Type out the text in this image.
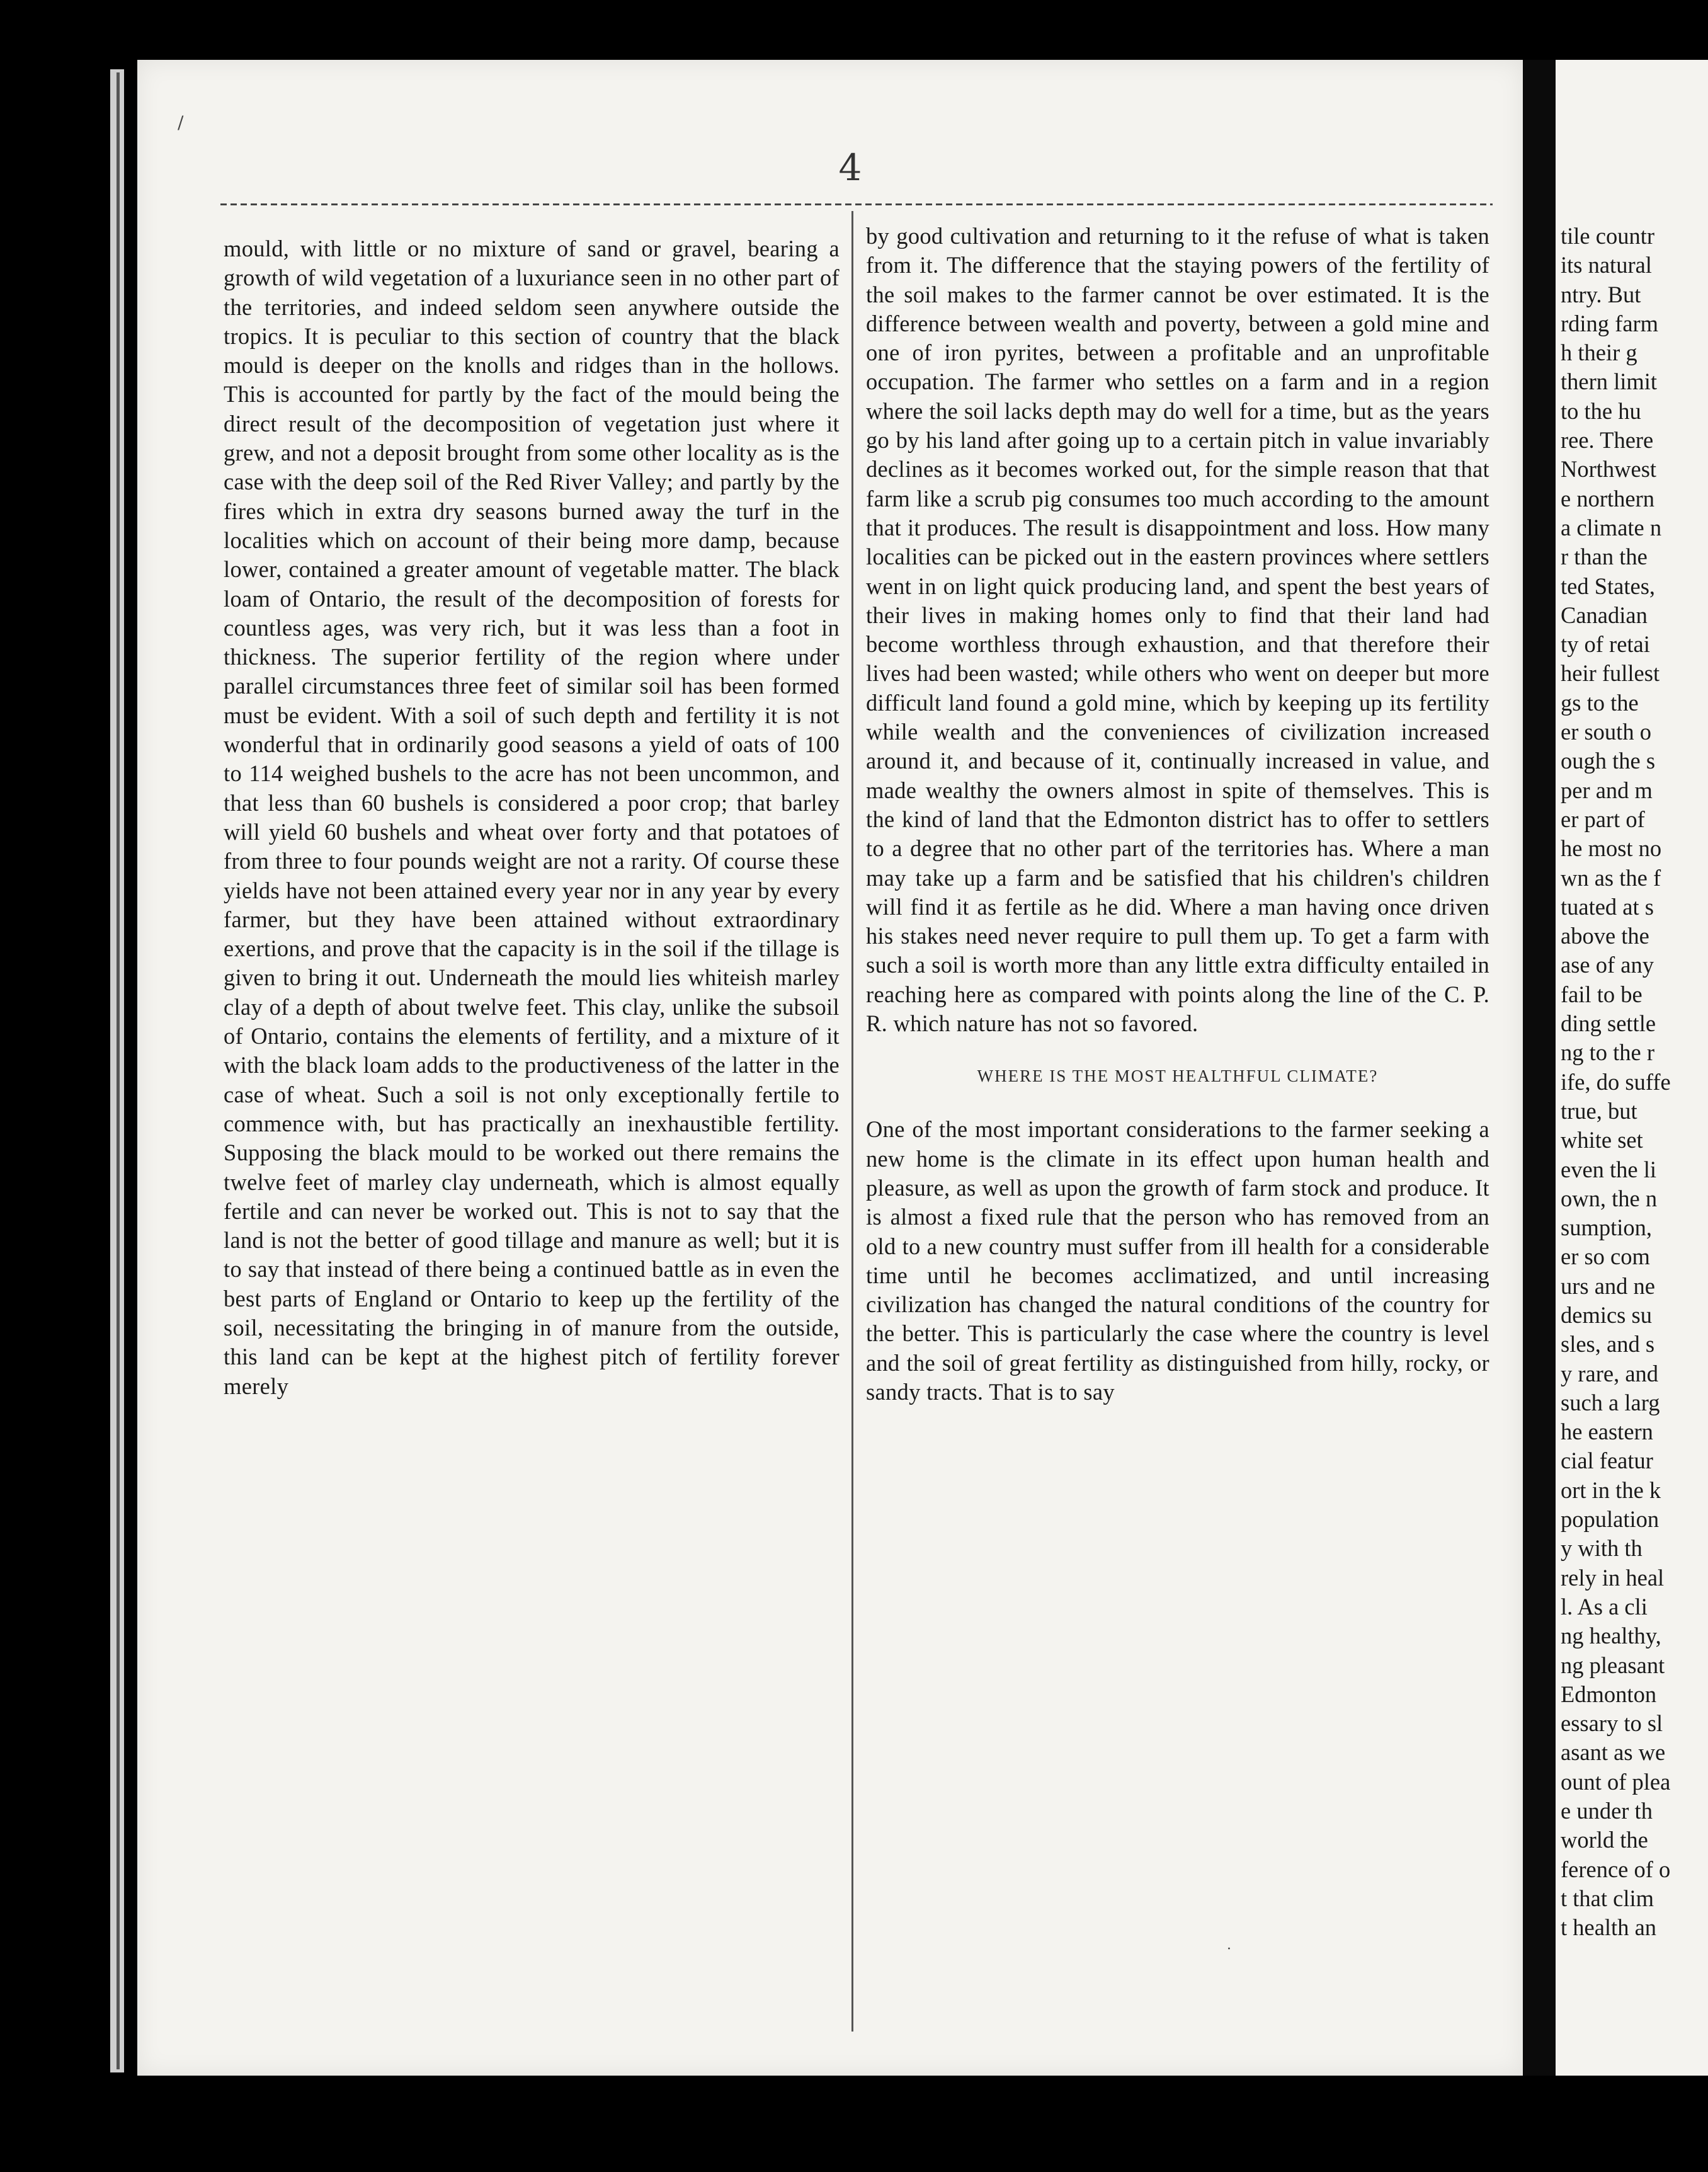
4

mould, with little or no mixture of sand or gravel, bearing a growth of wild vegetation of a luxuriance seen in no other part of the territories, and indeed seldom seen anywhere outside the tropics. It is peculiar to this section of country that the black mould is deeper on the knolls and ridges than in the hollows. This is accounted for partly by the fact of the mould being the direct result of the decomposition of vegetation just where it grew, and not a deposit brought from some other locality as is the case with the deep soil of the Red River Valley; and partly by the fires which in extra dry seasons burned away the turf in the localities which on account of their being more damp, because lower, contained a greater amount of vegetable matter. The black loam of Ontario, the result of the decomposition of forests for countless ages, was very rich, but it was less than a foot in thickness. The superior fertility of the region where under parallel circumstances three feet of similar soil has been formed must be evident. With a soil of such depth and fertility it is not wonderful that in ordinarily good seasons a yield of oats of 100 to 114 weighed bushels to the acre has not been uncommon, and that less than 60 bushels is considered a poor crop; that barley will yield 60 bushels and wheat over forty and that potatoes of from three to four pounds weight are not a rarity. Of course these yields have not been attained every year nor in any year by every farmer, but they have been attained without extraordinary exertions, and prove that the capacity is in the soil if the tillage is given to bring it out. Underneath the mould lies whiteish marley clay of a depth of about twelve feet. This clay, unlike the subsoil of Ontario, contains the elements of fertility, and a mixture of it with the black loam adds to the productiveness of the latter in the case of wheat. Such a soil is not only exceptionally fertile to commence with, but has practically an inexhaustible fertility. Supposing the black mould to be worked out there remains the twelve feet of marley clay underneath, which is almost equally fertile and can never be worked out. This is not to say that the land is not the better of good tillage and manure as well; but it is to say that instead of there being a continued battle as in even the best parts of England or Ontario to keep up the fertility of the soil, necessitating the bringing in of manure from the outside, this land can be kept at the highest pitch of fertility forever merely

by good cultivation and returning to it the refuse of what is taken from it. The difference that the staying powers of the fertility of the soil makes to the farmer cannot be over estimated. It is the difference between wealth and poverty, between a gold mine and one of iron pyrites, between a profitable and an unprofitable occupation. The farmer who settles on a farm and in a region where the soil lacks depth may do well for a time, but as the years go by his land after going up to a certain pitch in value invariably declines as it becomes worked out, for the simple reason that that farm like a scrub pig consumes too much according to the amount that it produces. The result is disappointment and loss. How many localities can be picked out in the eastern provinces where settlers went in on light quick producing land, and spent the best years of their lives in making homes only to find that their land had become worthless through exhaustion, and that therefore their lives had been wasted; while others who went on deeper but more difficult land found a gold mine, which by keeping up its fertility while wealth and the conveniences of civilization increased around it, and because of it, continually increased in value, and made wealthy the owners almost in spite of themselves. This is the kind of land that the Edmonton district has to offer to settlers to a degree that no other part of the territories has. Where a man may take up a farm and be satisfied that his children's children will find it as fertile as he did. Where a man having once driven his stakes need never require to pull them up. To get a farm with such a soil is worth more than any little extra difficulty entailed in reaching here as compared with points along the line of the C. P. R. which nature has not so favored.

WHERE IS THE MOST HEALTHFUL CLIMATE?

One of the most important considerations to the farmer seeking a new home is the climate in its effect upon human health and pleasure, as well as upon the growth of farm stock and produce. It is almost a fixed rule that the person who has removed from an old to a new country must suffer from ill health for a considerable time until he becomes acclimatized, and until increasing civilization has changed the natural conditions of the country for the better. This is particularly the case where the country is level and the soil of great fertility as distinguished from hilly, rocky, or sandy tracts. That is to say

tile countr
its natural
ntry. But
rding farm
h their g
thern limit
to the hu
ree. There
Northwest
e northern
a climate n
r than the
ted States,
Canadian
ty of retai
heir fullest
gs to the
er south o
ough the s
per and m
er part of
he most no
wn as the f
tuated at s
above the
ase of any
fail to be
ding settle
ng to the r
ife, do suffe
true, but
white set
even the li
own, the n
sumption,
er so com
urs and ne
demics su
sles, and s
y rare, and
such a larg
he eastern
cial featur
ort in the k
population
y with th
rely in heal
l. As a cli
ng healthy,
ng pleasant
Edmonton
essary to sl
asant as we
ount of plea
e under th
world the
ference of o
t that clim
t health an
/
·
